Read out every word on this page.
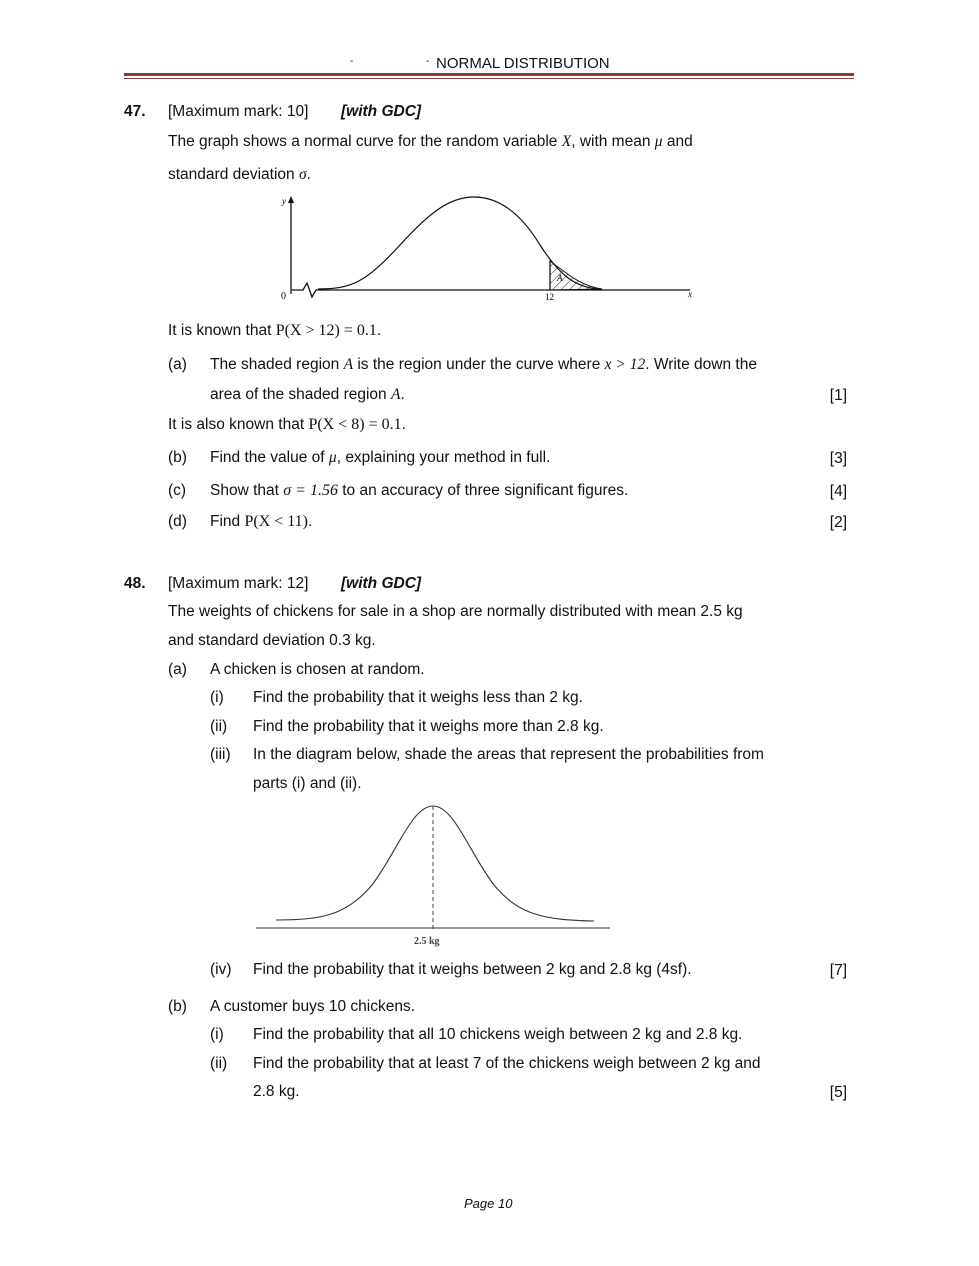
-	- NORMAL DISTRIBUTION
47. [Maximum mark: 10] [with GDC]
The graph shows a normal curve for the random variable X, with mean μ and
standard deviation σ.
y
0	x
A
12
It is known that P(X > 12) = 0.1.
(a) The shaded region A is the region under the curve where x > 12. Write down the
area of the shaded region A.	[1]
It is also known that P(X < 8) = 0.1.
(b) Find the value of μ, explaining your method in full.	[3]
(c) Show that σ = 1.56 to an accuracy of three significant figures.	[4]
(d) Find P(X < 11).	[2]
48. [Maximum mark: 12] [with GDC]
The weights of chickens for sale in a shop are normally distributed with mean 2.5 kg
and standard deviation 0.3 kg.
(a) A chicken is chosen at random.
(i) Find the probability that it weighs less than 2 kg.
(ii) Find the probability that it weighs more than 2.8 kg.
(iii) In the diagram below, shade the areas that represent the probabilities from
parts (i) and (ii).
2.5 kg
(iv) Find the probability that it weighs between 2 kg and 2.8 kg (4sf).	[7]
(b) A customer buys 10 chickens.
(i) Find the probability that all 10 chickens weigh between 2 kg and 2.8 kg.
(ii) Find the probability that at least 7 of the chickens weigh between 2 kg and
2.8 kg.	[5]
Page 10
